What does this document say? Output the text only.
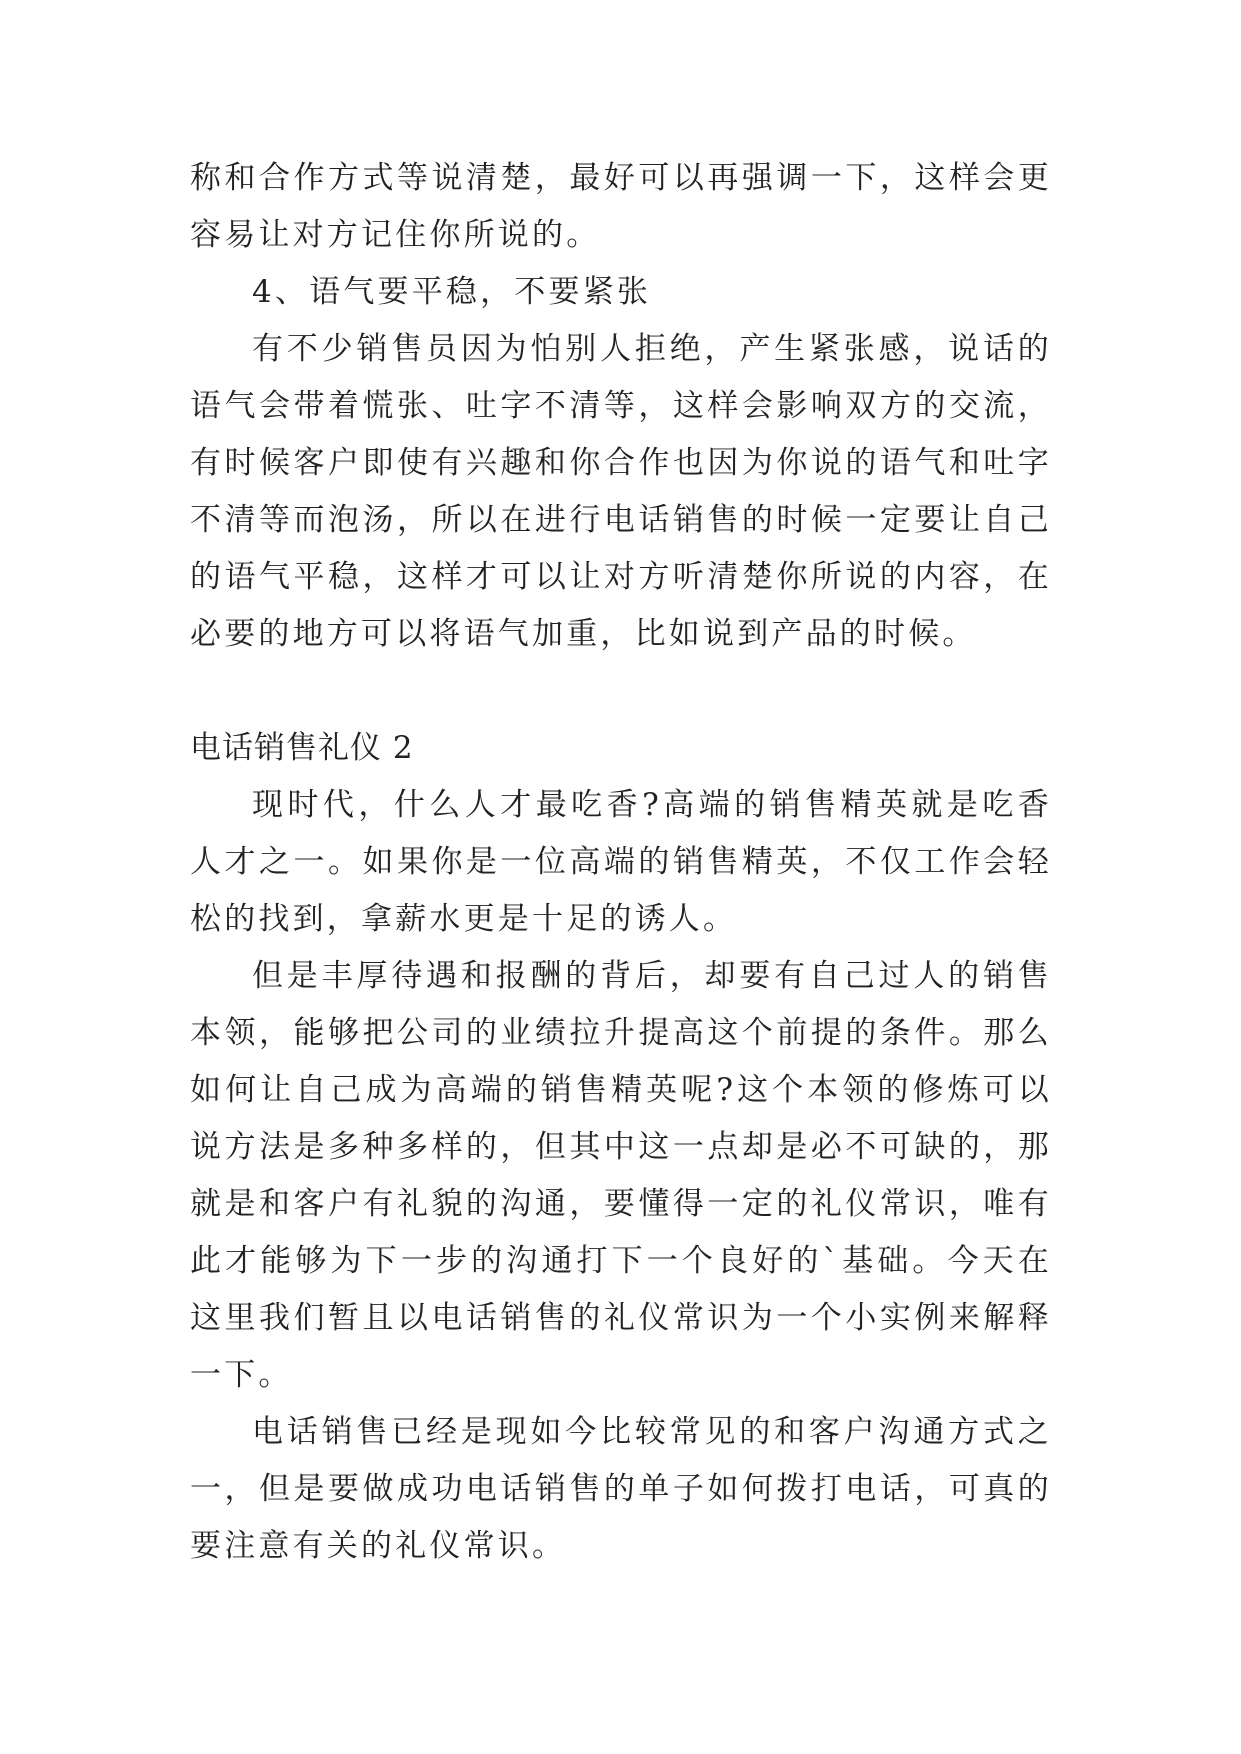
称和合作方式等说清楚，最好可以再强调一下，这样会更容易让对方记住你所说的。

4、语气要平稳，不要紧张

有不少销售员因为怕别人拒绝，产生紧张感，说话的语气会带着慌张、吐字不清等，这样会影响双方的交流，有时候客户即使有兴趣和你合作也因为你说的语气和吐字不清等而泡汤，所以在进行电话销售的时候一定要让自己的语气平稳，这样才可以让对方听清楚你所说的内容，在必要的地方可以将语气加重，比如说到产品的时候。

电话销售礼仪 2

现时代，什么人才最吃香?高端的销售精英就是吃香人才之一。如果你是一位高端的销售精英，不仅工作会轻松的找到，拿薪水更是十足的诱人。

但是丰厚待遇和报酬的背后，却要有自己过人的销售本领，能够把公司的业绩拉升提高这个前提的条件。那么如何让自己成为高端的销售精英呢?这个本领的修炼可以说方法是多种多样的，但其中这一点却是必不可缺的，那就是和客户有礼貌的沟通，要懂得一定的礼仪常识，唯有此才能够为下一步的沟通打下一个良好的`基础。今天在这里我们暂且以电话销售的礼仪常识为一个小实例来解释一下。

电话销售已经是现如今比较常见的和客户沟通方式之一，但是要做成功电话销售的单子如何拨打电话，可真的要注意有关的礼仪常识。
